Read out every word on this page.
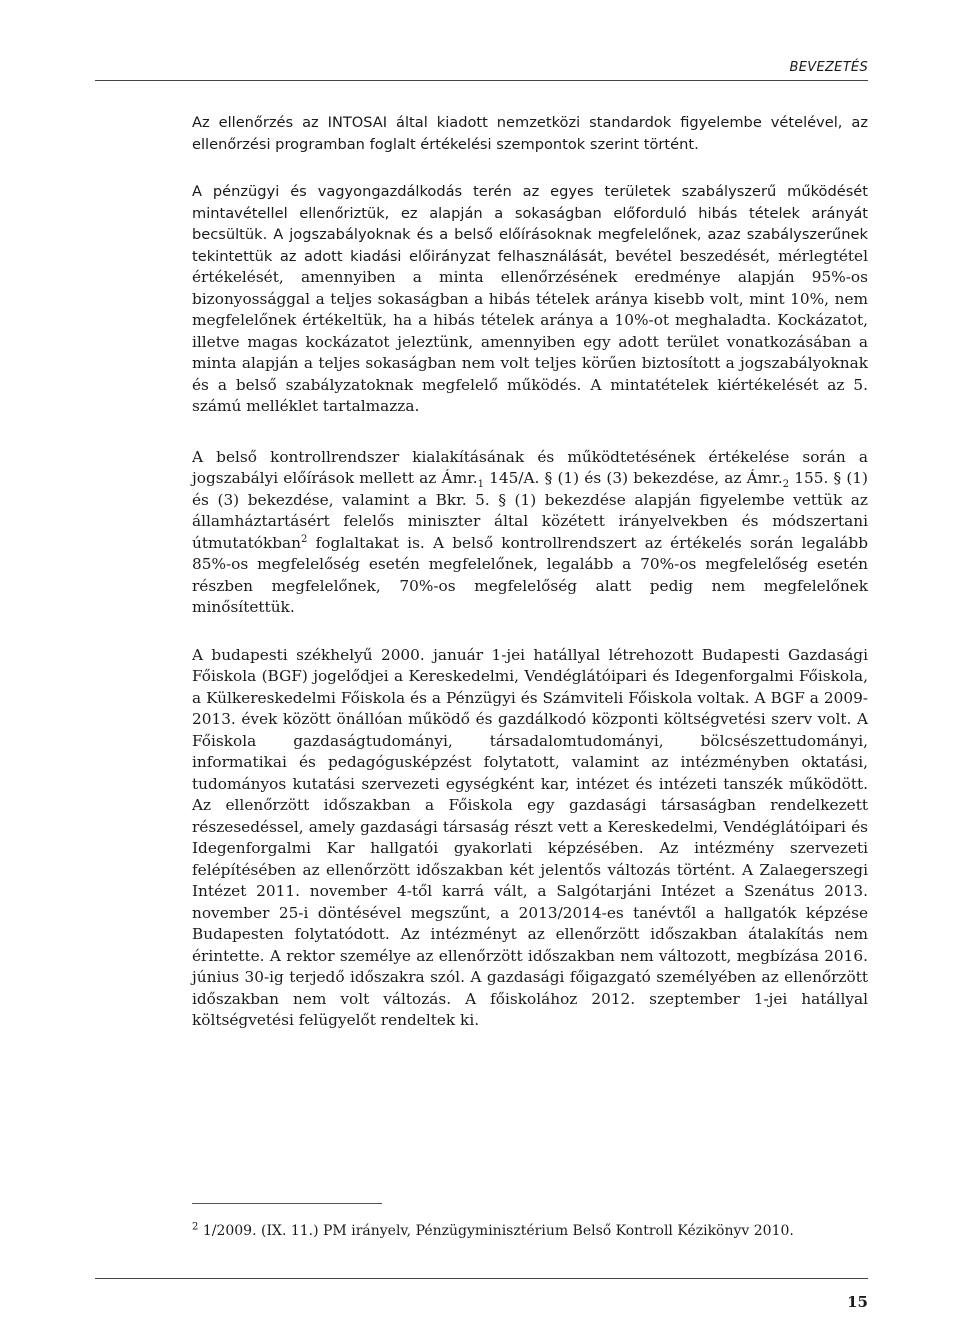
BEVEZETÉS

Az ellenőrzés az INTOSAI által kiadott nemzetközi standardok figyelembe vételével, az ellenőrzési programban foglalt értékelési szempontok szerint történt.

A pénzügyi és vagyongazdálkodás terén az egyes területek szabályszerű működését mintavétellel ellenőriztük, ez alapján a sokaságban előforduló hibás tételek arányát becsültük. A jogszabályoknak és a belső előírásoknak megfelelőnek, azaz szabályszerűnek tekintettük az adott kiadási előirányzat felhasználását, bevétel beszedését, mérlegtétel értékelését, amennyiben a minta ellenőrzésének eredménye alapján 95%-os bizonyossággal a teljes sokaságban a hibás tételek aránya kisebb volt, mint 10%, nem megfelelőnek értékeltük, ha a hibás tételek aránya a 10%-ot meghaladta. Kockázatot, illetve magas kockázatot jeleztünk, amennyiben egy adott terület vonatkozásában a minta alapján a teljes sokaságban nem volt teljes körűen biztosított a jogszabályoknak és a belső szabályzatoknak megfelelő működés. A mintatételek kiértékelését az 5. számú melléklet tartalmazza.

A belső kontrollrendszer kialakításának és működtetésének értékelése során a jogszabályi előírások mellett az $Ámr._1$ 145/A. § (1) és (3) bekezdése, az $Ámr._2$ 155. § (1) és (3) bekezdése, valamint a Bkr. 5. § (1) bekezdése alapján figyelembe vettük az államháztartásért felelős miniszter által közétett irányelvekben és módszertani útmutatókban$^2$ foglaltakat is. A belső kontrollrendszert az értékelés során legalább 85%-os megfelelőség esetén megfelelőnek, legalább a 70%-os megfelelőség esetén részben megfelelőnek, 70%-os megfelelőség alatt pedig nem megfelelőnek minősítettük.

A budapesti székhelyű 2000. január 1-jei hatállyal létrehozott Budapesti Gazdasági Főiskola (BGF) jogelődjei a Kereskedelmi, Vendéglátóipari és Idegenforgalmi Főiskola, a Külkereskedelmi Főiskola és a Pénzügyi és Számviteli Főiskola voltak. A BGF a 2009-2013. évek között önállóan működő és gazdálkodó központi költségvetési szerv volt. A Főiskola gazdaságtudományi, társadalomtudományi, bölcsészettudományi, informatikai és pedagógusképzést folytatott, valamint az intézményben oktatási, tudományos kutatási szervezeti egységként kar, intézet és intézeti tanszék működött. Az ellenőrzött időszakban a Főiskola egy gazdasági társaságban rendelkezett részesedéssel, amely gazdasági társaság részt vett a Kereskedelmi, Vendéglátóipari és Idegenforgalmi Kar hallgatói gyakorlati képzésében. Az intézmény szervezeti felépítésében az ellenőrzött időszakban két jelentős változás történt. A Zalaegerszegi Intézet 2011. november 4-től karrá vált, a Salgótarjáni Intézet a Szenátus 2013. november 25-i döntésével megszűnt, a 2013/2014-es tanévtől a hallgatók képzése Budapesten folytatódott. Az intézményt az ellenőrzött időszakban átalakítás nem érintette. A rektor személye az ellenőrzött időszakban nem változott, megbízása 2016. június 30-ig terjedő időszakra szól. A gazdasági főigazgató személyében az ellenőrzött időszakban nem volt változás. A főiskolához 2012. szeptember 1-jei hatállyal költségvetési felügyelőt rendeltek ki.

$^2$ 1/2009. (IX. 11.) PM irányelv, Pénzügyminisztérium Belső Kontroll Kézikönyv 2010.
15
